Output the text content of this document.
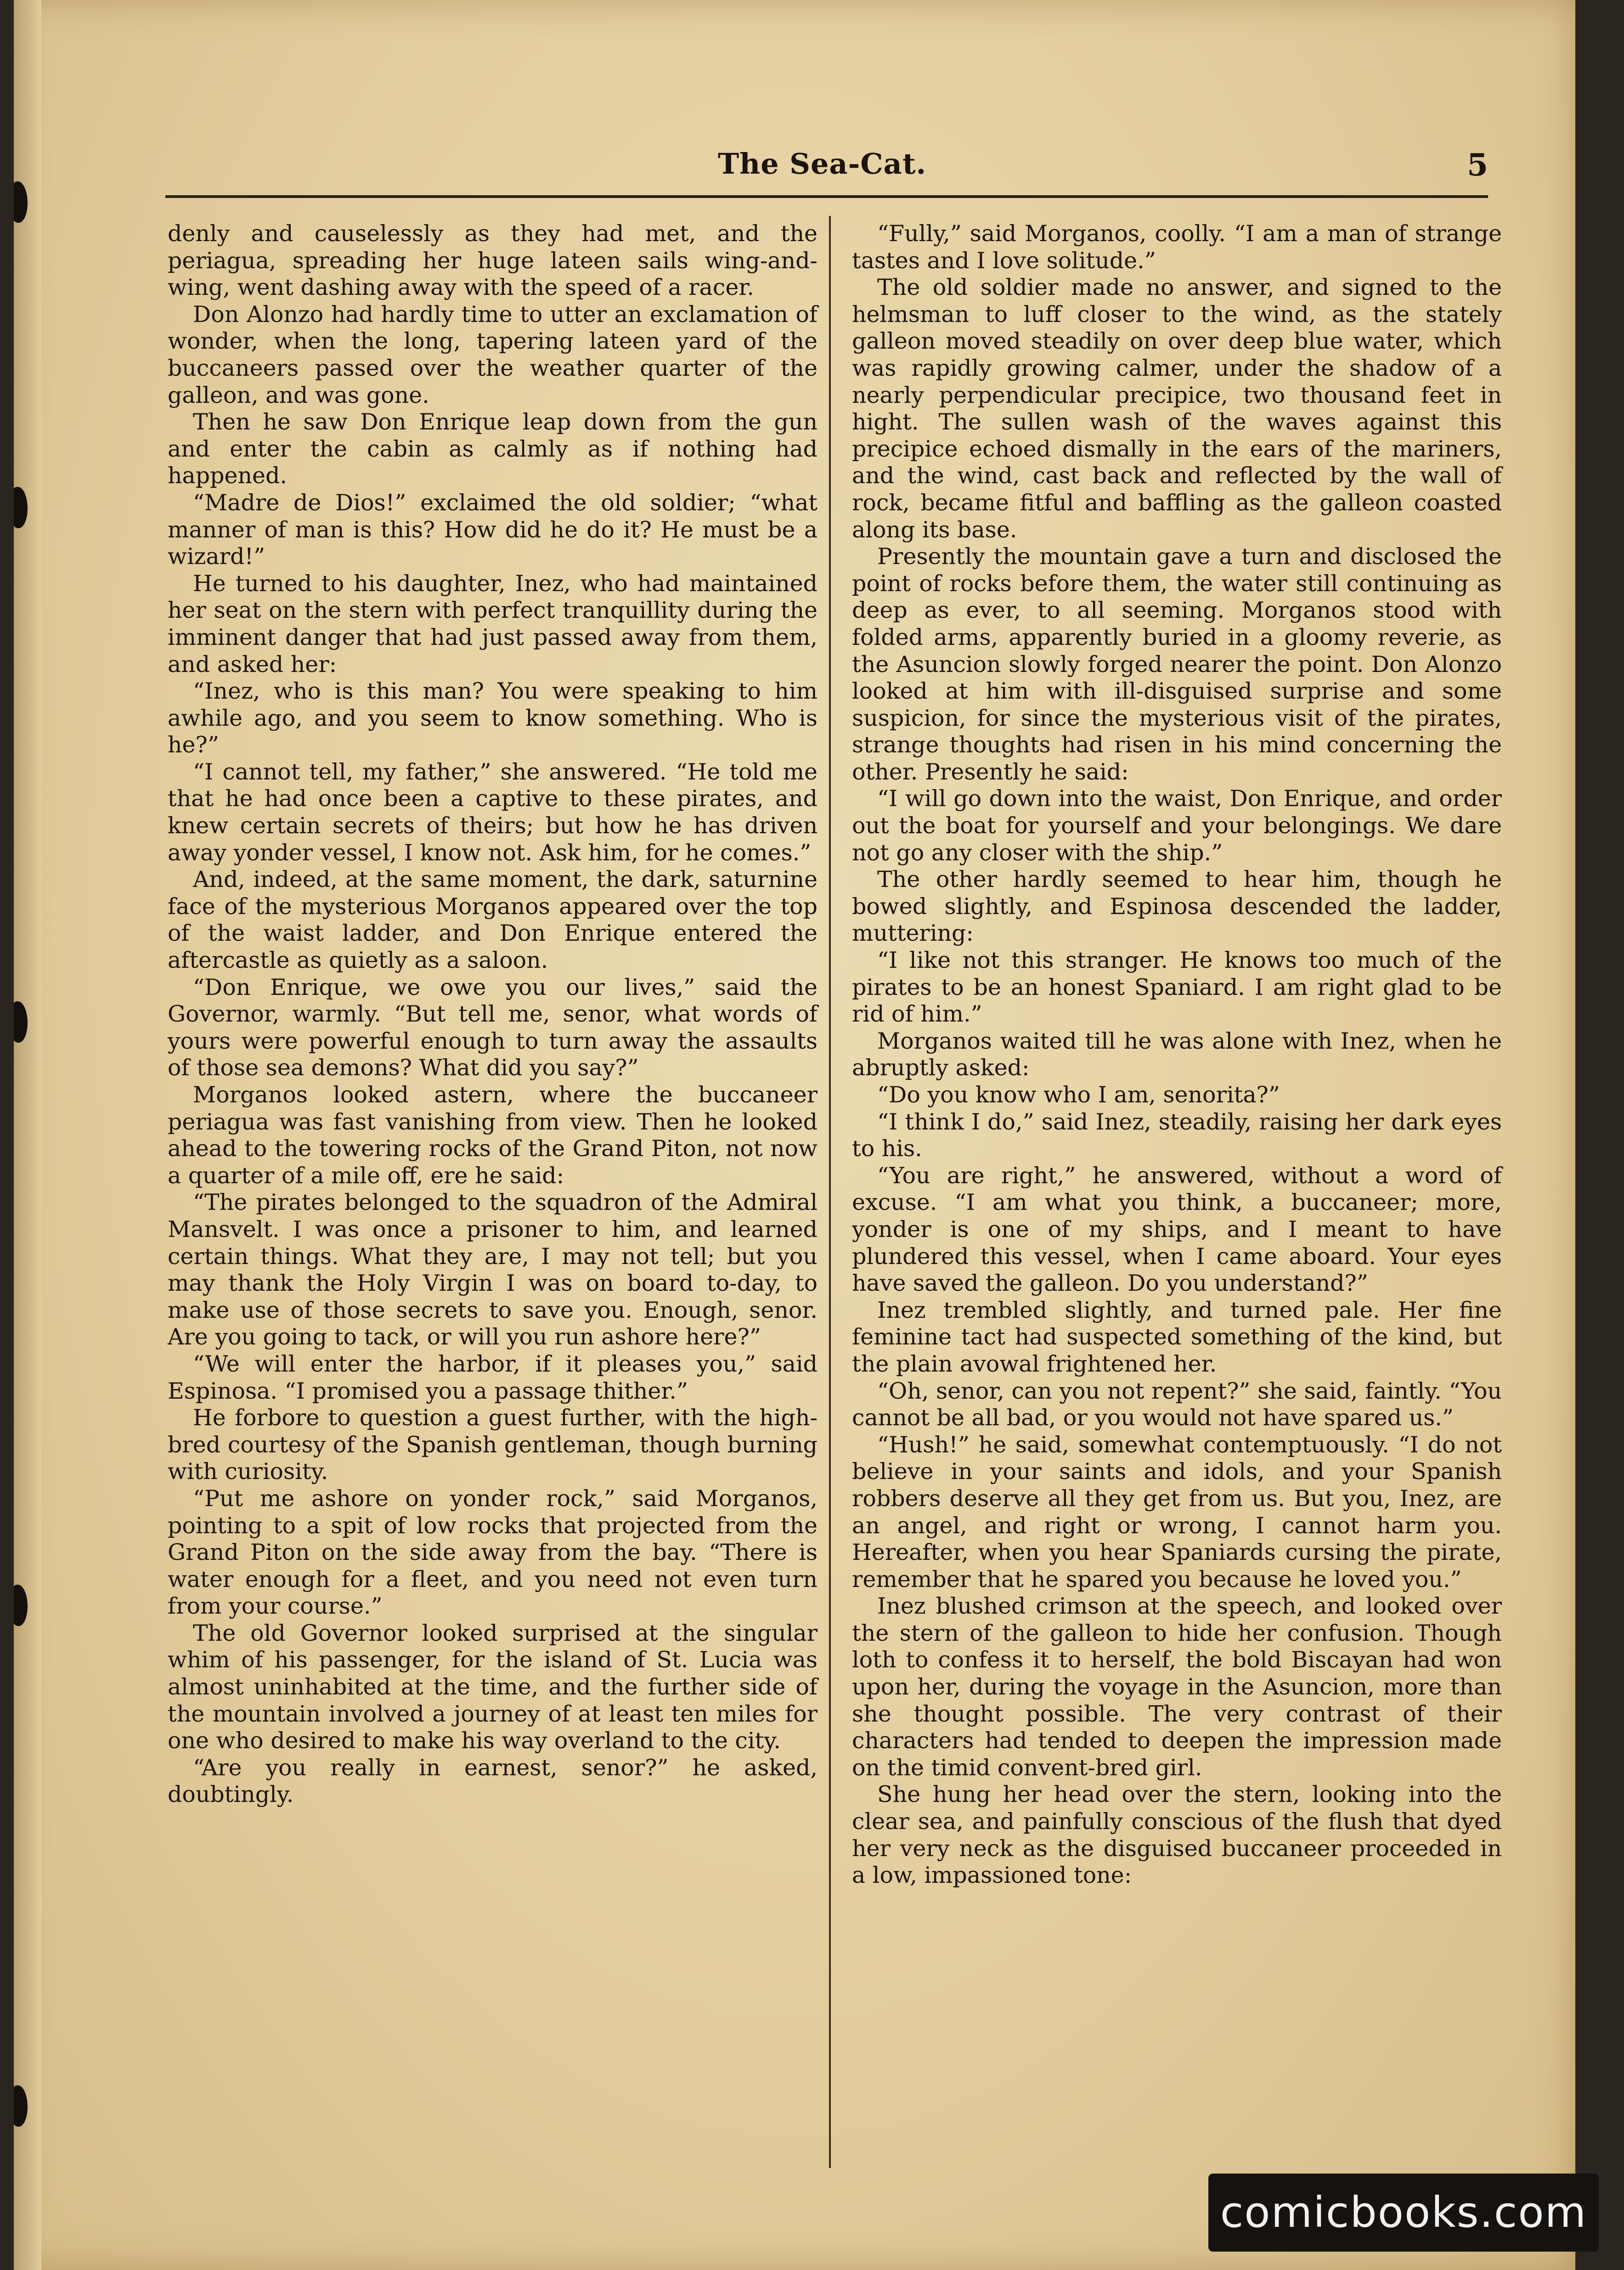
The Sea-Cat.	5

denly and causelessly as they had met, and the periagua, spreading her huge lateen sails wing-and-wing, went dashing away with the speed of a racer.

Don Alonzo had hardly time to utter an exclamation of wonder, when the long, tapering lateen yard of the buccaneers passed over the weather quarter of the galleon, and was gone.

Then he saw Don Enrique leap down from the gun and enter the cabin as calmly as if nothing had happened.

“Madre de Dios!” exclaimed the old soldier; “what manner of man is this? How did he do it? He must be a wizard!”

He turned to his daughter, Inez, who had maintained her seat on the stern with perfect tranquillity during the imminent danger that had just passed away from them, and asked her:

“Inez, who is this man? You were speaking to him awhile ago, and you seem to know something. Who is he?”

“I cannot tell, my father,” she answered. “He told me that he had once been a captive to these pirates, and knew certain secrets of theirs; but how he has driven away yonder vessel, I know not. Ask him, for he comes.”

And, indeed, at the same moment, the dark, saturnine face of the mysterious Morganos appeared over the top of the waist ladder, and Don Enrique entered the aftercastle as quietly as a saloon.

“Don Enrique, we owe you our lives,” said the Governor, warmly. “But tell me, senor, what words of yours were powerful enough to turn away the assaults of those sea demons? What did you say?”

Morganos looked astern, where the buccaneer periagua was fast vanishing from view. Then he looked ahead to the towering rocks of the Grand Piton, not now a quarter of a mile off, ere he said:

“The pirates belonged to the squadron of the Admiral Mansvelt. I was once a prisoner to him, and learned certain things. What they are, I may not tell; but you may thank the Holy Virgin I was on board to-day, to make use of those secrets to save you. Enough, senor. Are you going to tack, or will you run ashore here?”

“We will enter the harbor, if it pleases you,” said Espinosa. “I promised you a passage thither.”

He forbore to question a guest further, with the high-bred courtesy of the Spanish gentleman, though burning with curiosity.

“Put me ashore on yonder rock,” said Morganos, pointing to a spit of low rocks that projected from the Grand Piton on the side away from the bay. “There is water enough for a fleet, and you need not even turn from your course.”

The old Governor looked surprised at the singular whim of his passenger, for the island of St. Lucia was almost uninhabited at the time, and the further side of the mountain involved a journey of at least ten miles for one who desired to make his way overland to the city.

“Are you really in earnest, senor?” he asked, doubtingly.

“Fully,” said Morganos, coolly. “I am a man of strange tastes and I love solitude.”

The old soldier made no answer, and signed to the helmsman to luff closer to the wind, as the stately galleon moved steadily on over deep blue water, which was rapidly growing calmer, under the shadow of a nearly perpendicular precipice, two thousand feet in hight. The sullen wash of the waves against this precipice echoed dismally in the ears of the mariners, and the wind, cast back and reflected by the wall of rock, became fitful and baffling as the galleon coasted along its base.

Presently the mountain gave a turn and disclosed the point of rocks before them, the water still continuing as deep as ever, to all seeming. Morganos stood with folded arms, apparently buried in a gloomy reverie, as the Asuncion slowly forged nearer the point. Don Alonzo looked at him with ill-disguised surprise and some suspicion, for since the mysterious visit of the pirates, strange thoughts had risen in his mind concerning the other. Presently he said:

“I will go down into the waist, Don Enrique, and order out the boat for yourself and your belongings. We dare not go any closer with the ship.”

The other hardly seemed to hear him, though he bowed slightly, and Espinosa descended the ladder, muttering:

“I like not this stranger. He knows too much of the pirates to be an honest Spaniard. I am right glad to be rid of him.”

Morganos waited till he was alone with Inez, when he abruptly asked:

“Do you know who I am, senorita?”

“I think I do,” said Inez, steadily, raising her dark eyes to his.

“You are right,” he answered, without a word of excuse. “I am what you think, a buccaneer; more, yonder is one of my ships, and I meant to have plundered this vessel, when I came aboard. Your eyes have saved the galleon. Do you understand?”

Inez trembled slightly, and turned pale. Her fine feminine tact had suspected something of the kind, but the plain avowal frightened her.

“Oh, senor, can you not repent?” she said, faintly. “You cannot be all bad, or you would not have spared us.”

“Hush!” he said, somewhat contemptuously. “I do not believe in your saints and idols, and your Spanish robbers deserve all they get from us. But you, Inez, are an angel, and right or wrong, I cannot harm you. Hereafter, when you hear Spaniards cursing the pirate, remember that he spared you because he loved you.”

Inez blushed crimson at the speech, and looked over the stern of the galleon to hide her confusion. Though loth to confess it to herself, the bold Biscayan had won upon her, during the voyage in the Asuncion, more than she thought possible. The very contrast of their characters had tended to deepen the impression made on the timid convent-bred girl.

She hung her head over the stern, looking into the clear sea, and painfully conscious of the flush that dyed her very neck as the disguised buccaneer proceeded in a low, impassioned tone:

comicbooks.com
